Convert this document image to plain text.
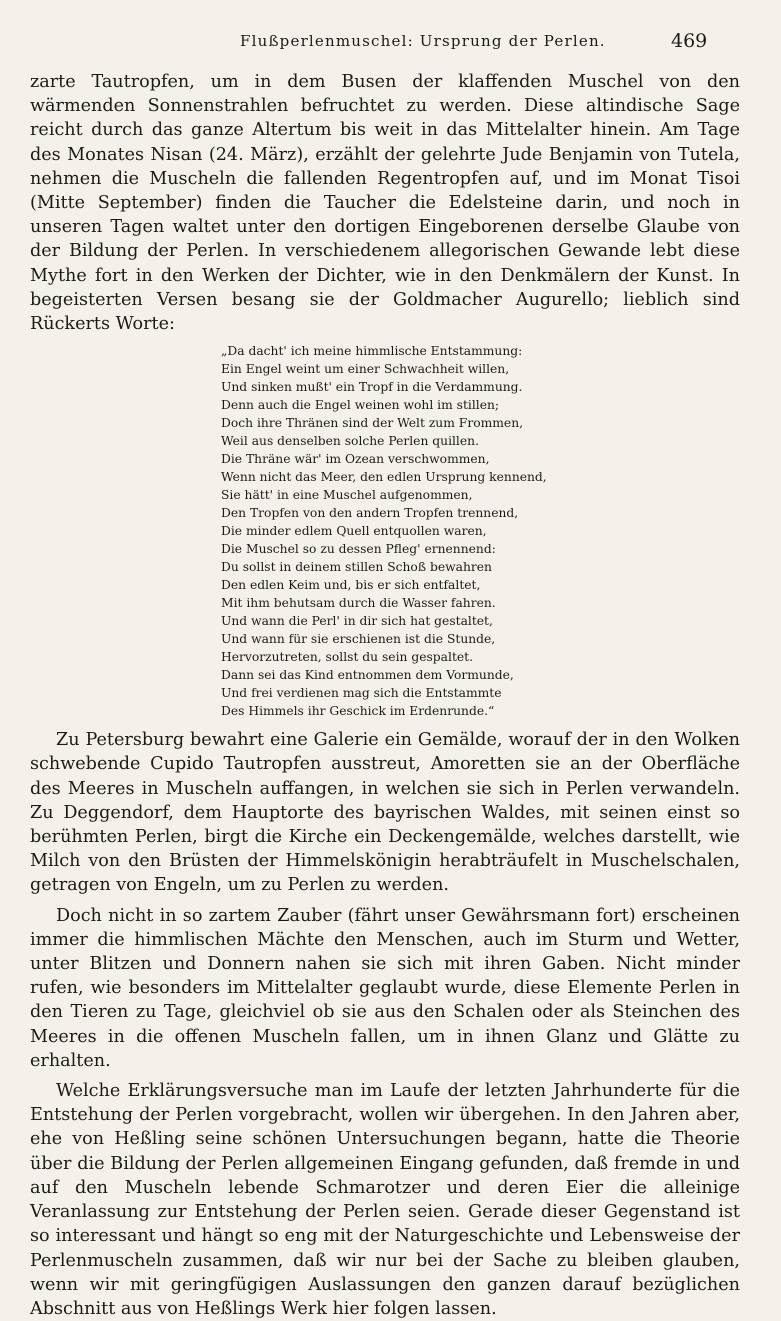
Flußperlenmuschel: Ursprung der Perlen.	469

zarte Tautropfen, um in dem Busen der klaffenden Muschel von den wärmenden Sonnenstrahlen befruchtet zu werden. Diese altindische Sage reicht durch das ganze Altertum bis weit in das Mittelalter hinein. Am Tage des Monates Nisan (24. März), erzählt der gelehrte Jude Benjamin von Tutela, nehmen die Muscheln die fallenden Regentropfen auf, und im Monat Tisoi (Mitte September) finden die Taucher die Edelsteine darin, und noch in unseren Tagen waltet unter den dortigen Eingeborenen derselbe Glaube von der Bildung der Perlen. In verschiedenem allegorischen Gewande lebt diese Mythe fort in den Werken der Dichter, wie in den Denkmälern der Kunst. In begeisterten Versen besang sie der Goldmacher Augurello; lieblich sind Rückerts Worte:

„Da dacht' ich meine himmlische Entstammung:
Ein Engel weint um einer Schwachheit willen,
Und sinken mußt' ein Tropf in die Verdammung.
Denn auch die Engel weinen wohl im stillen;
Doch ihre Thränen sind der Welt zum Frommen,
Weil aus denselben solche Perlen quillen.
Die Thräne wär' im Ozean verschwommen,
Wenn nicht das Meer, den edlen Ursprung kennend,
Sie hätt' in eine Muschel aufgenommen,
Den Tropfen von den andern Tropfen trennend,
Die minder edlem Quell entquollen waren,
Die Muschel so zu dessen Pfleg' ernennend:
Du sollst in deinem stillen Schoß bewahren
Den edlen Keim und, bis er sich entfaltet,
Mit ihm behutsam durch die Wasser fahren.
Und wann die Perl' in dir sich hat gestaltet,
Und wann für sie erschienen ist die Stunde,
Hervorzutreten, sollst du sein gespaltet.
Dann sei das Kind entnommen dem Vormunde,
Und frei verdienen mag sich die Entstammte
Des Himmels ihr Geschick im Erdenrunde.“

Zu Petersburg bewahrt eine Galerie ein Gemälde, worauf der in den Wolken schwebende Cupido Tautropfen ausstreut, Amoretten sie an der Oberfläche des Meeres in Muscheln auffangen, in welchen sie sich in Perlen verwandeln. Zu Deggendorf, dem Hauptorte des bayrischen Waldes, mit seinen einst so berühmten Perlen, birgt die Kirche ein Deckengemälde, welches darstellt, wie Milch von den Brüsten der Himmelskönigin herabträufelt in Muschelschalen, getragen von Engeln, um zu Perlen zu werden.

Doch nicht in so zartem Zauber (fährt unser Gewährsmann fort) erscheinen immer die himmlischen Mächte den Menschen, auch im Sturm und Wetter, unter Blitzen und Donnern nahen sie sich mit ihren Gaben. Nicht minder rufen, wie besonders im Mittelalter geglaubt wurde, diese Elemente Perlen in den Tieren zu Tage, gleichviel ob sie aus den Schalen oder als Steinchen des Meeres in die offenen Muscheln fallen, um in ihnen Glanz und Glätte zu erhalten.

Welche Erklärungsversuche man im Laufe der letzten Jahrhunderte für die Entstehung der Perlen vorgebracht, wollen wir übergehen. In den Jahren aber, ehe von Heßling seine schönen Untersuchungen begann, hatte die Theorie über die Bildung der Perlen allgemeinen Eingang gefunden, daß fremde in und auf den Muscheln lebende Schmarotzer und deren Eier die alleinige Veranlassung zur Entstehung der Perlen seien. Gerade dieser Gegenstand ist so interessant und hängt so eng mit der Naturgeschichte und Lebensweise der Perlenmuscheln zusammen, daß wir nur bei der Sache zu bleiben glauben, wenn wir mit geringfügigen Auslassungen den ganzen darauf bezüglichen Abschnitt aus von Heßlings Werk hier folgen lassen.
